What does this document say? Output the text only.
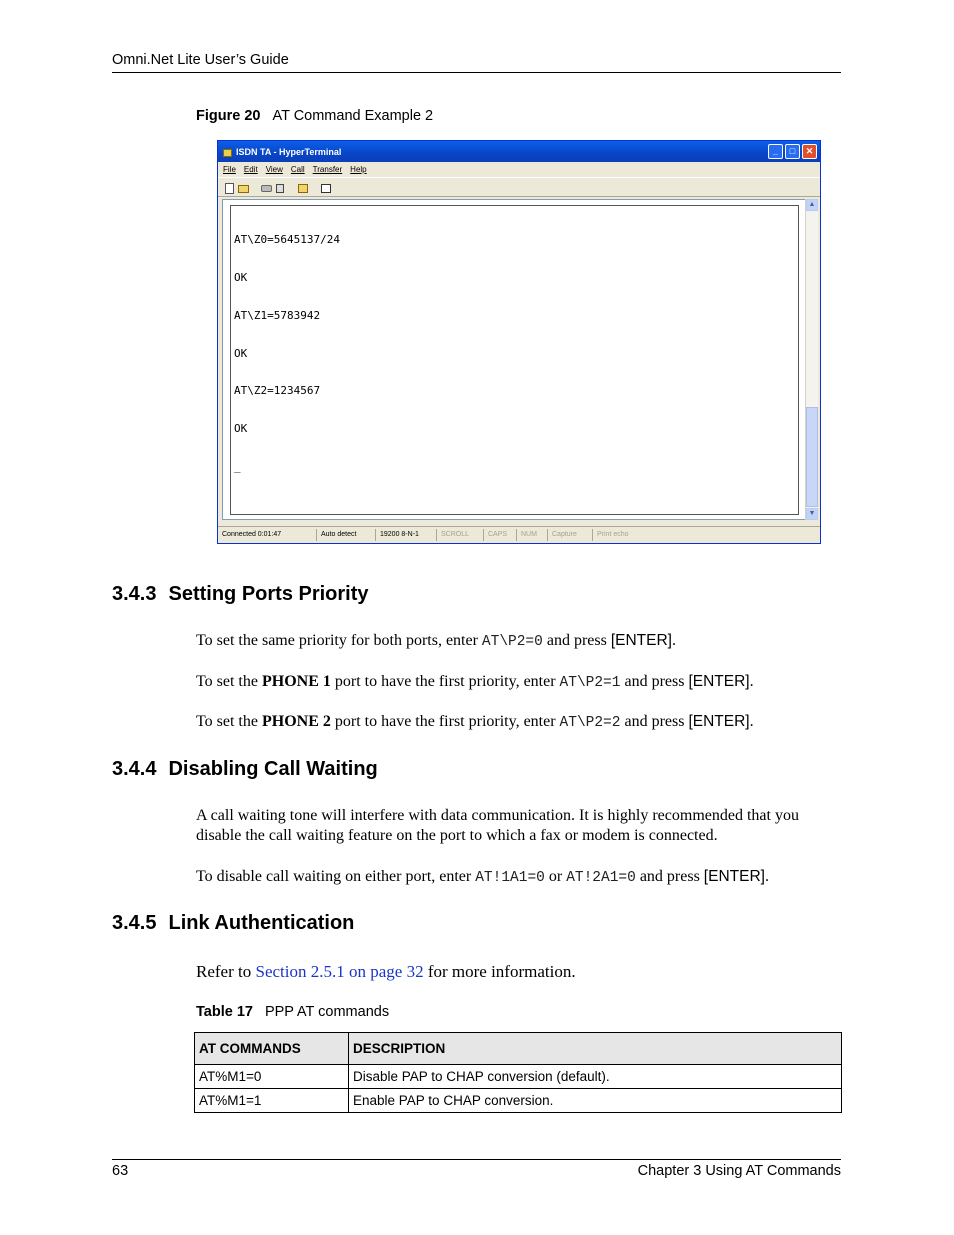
Omni.Net Lite User’s Guide
Figure 20 AT Command Example 2
ISDN TA - HyperTerminal	_	□	✕
File Edit View Call Transfer Help

AT\Z0=5645137/24

OK

AT\Z1=5783942

OK

AT\Z2=1234567

OK

_

▲
▼
Connected 0:01:47	Auto detect	19200 8-N-1	SCROLL	CAPS	NUM	Capture	Print echo
3.4.3 Setting Ports Priority
To set the same priority for both ports, enter AT\P2=0 and press [ENTER].
To set the PHONE 1 port to have the first priority, enter AT\P2=1 and press [ENTER].
To set the PHONE 2 port to have the first priority, enter AT\P2=2 and press [ENTER].
3.4.4 Disabling Call Waiting
A call waiting tone will interfere with data communication. It is highly recommended that you disable the call waiting feature on the port to which a fax or modem is connected.
To disable call waiting on either port, enter AT!1A1=0 or AT!2A1=0 and press [ENTER].
3.4.5 Link Authentication
Refer to Section 2.5.1 on page 32 for more information.
Table 17 PPP AT commands
AT COMMANDS	DESCRIPTION
AT%M1=0	Disable PAP to CHAP conversion (default).
AT%M1=1	Enable PAP to CHAP conversion.
63	Chapter 3 Using AT Commands
